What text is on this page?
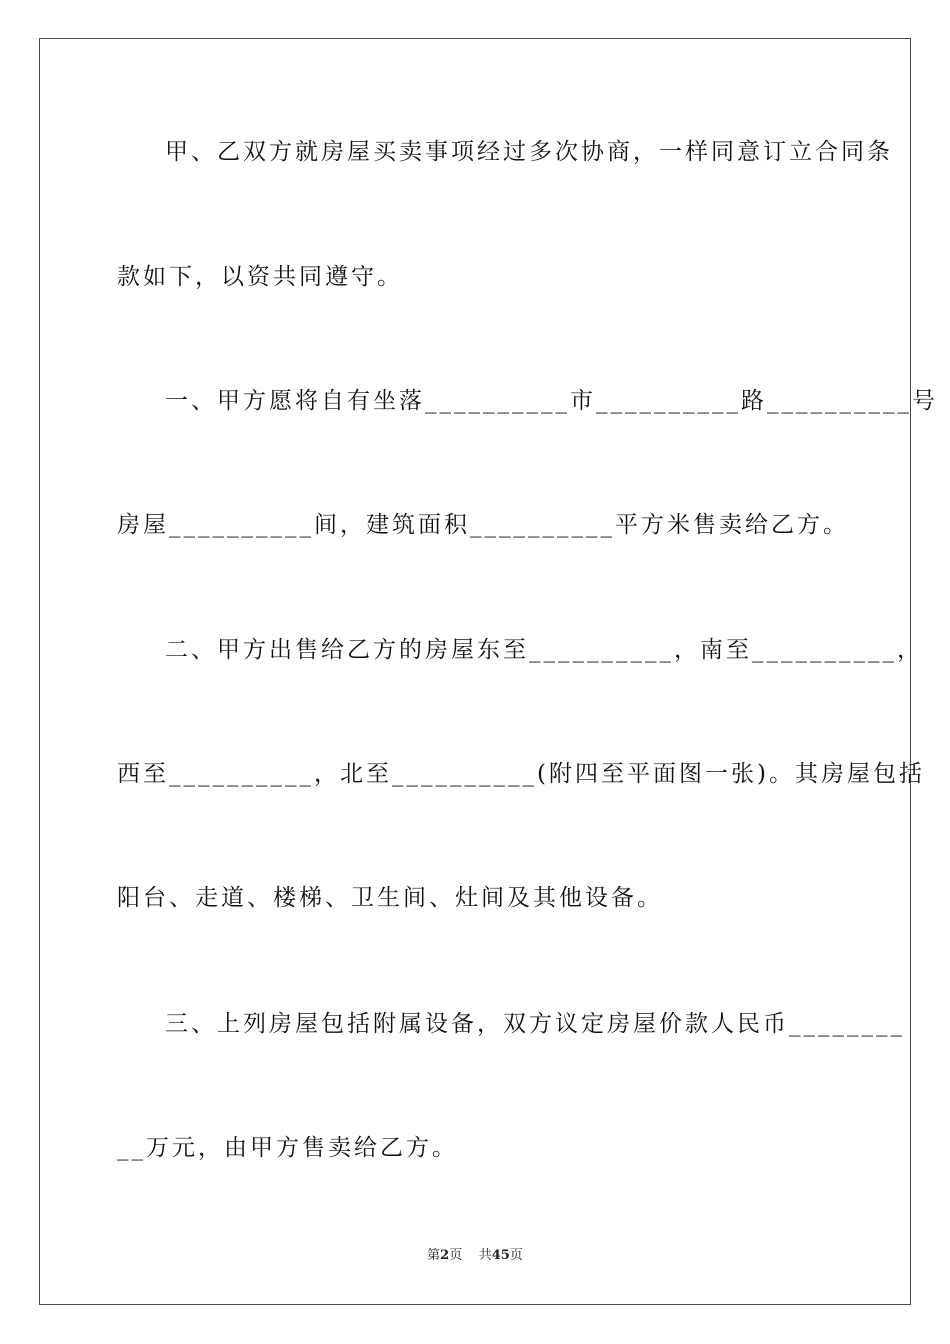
甲、乙双方就房屋买卖事项经过多次协商，一样同意订立合同条
款如下，以资共同遵守。
一、甲方愿将自有坐落__________市__________路__________号
房屋__________间，建筑面积__________平方米售卖给乙方。
二、甲方出售给乙方的房屋东至__________，南至__________，
西至__________，北至__________(附四至平面图一张)。其房屋包括
阳台、走道、楼梯、卫生间、灶间及其他设备。
三、上列房屋包括附属设备，双方议定房屋价款人民币________
__万元，由甲方售卖给乙方。
第2页 共45页
